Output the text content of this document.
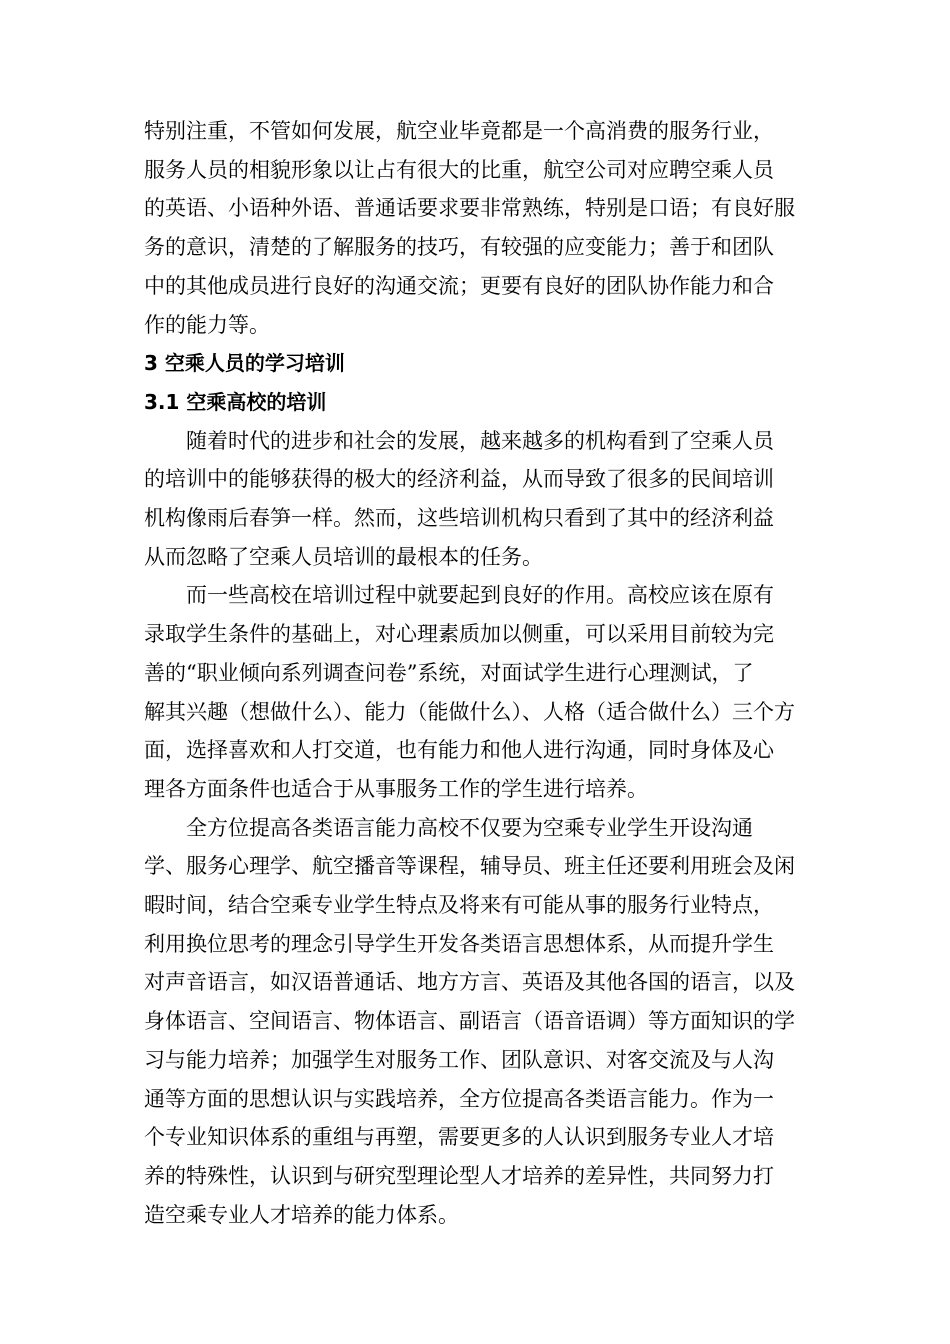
特别注重，不管如何发展，航空业毕竟都是一个高消费的服务行业，
服务人员的相貌形象以让占有很大的比重，航空公司对应聘空乘人员
的英语、小语种外语、普通话要求要非常熟练，特别是口语；有良好服
务的意识，清楚的了解服务的技巧，有较强的应变能力；善于和团队
中的其他成员进行良好的沟通交流；更要有良好的团队协作能力和合
作的能力等。
3 空乘人员的学习培训
3.1 空乘高校的培训
随着时代的进步和社会的发展，越来越多的机构看到了空乘人员
的培训中的能够获得的极大的经济利益，从而导致了很多的民间培训
机构像雨后春笋一样。然而，这些培训机构只看到了其中的经济利益
从而忽略了空乘人员培训的最根本的任务。
而一些高校在培训过程中就要起到良好的作用。高校应该在原有
录取学生条件的基础上，对心理素质加以侧重，可以采用目前较为完
善的“职业倾向系列调查问卷”系统，对面试学生进行心理测试，了
解其兴趣（想做什么）、能力（能做什么）、人格（适合做什么）三个方
面，选择喜欢和人打交道，也有能力和他人进行沟通，同时身体及心
理各方面条件也适合于从事服务工作的学生进行培养。
全方位提高各类语言能力高校不仅要为空乘专业学生开设沟通
学、服务心理学、航空播音等课程，辅导员、班主任还要利用班会及闲
暇时间，结合空乘专业学生特点及将来有可能从事的服务行业特点，
利用换位思考的理念引导学生开发各类语言思想体系，从而提升学生
对声音语言，如汉语普通话、地方方言、英语及其他各国的语言，以及
身体语言、空间语言、物体语言、副语言（语音语调）等方面知识的学
习与能力培养；加强学生对服务工作、团队意识、对客交流及与人沟
通等方面的思想认识与实践培养，全方位提高各类语言能力。作为一
个专业知识体系的重组与再塑，需要更多的人认识到服务专业人才培
养的特殊性，认识到与研究型理论型人才培养的差异性，共同努力打
造空乘专业人才培养的能力体系。
